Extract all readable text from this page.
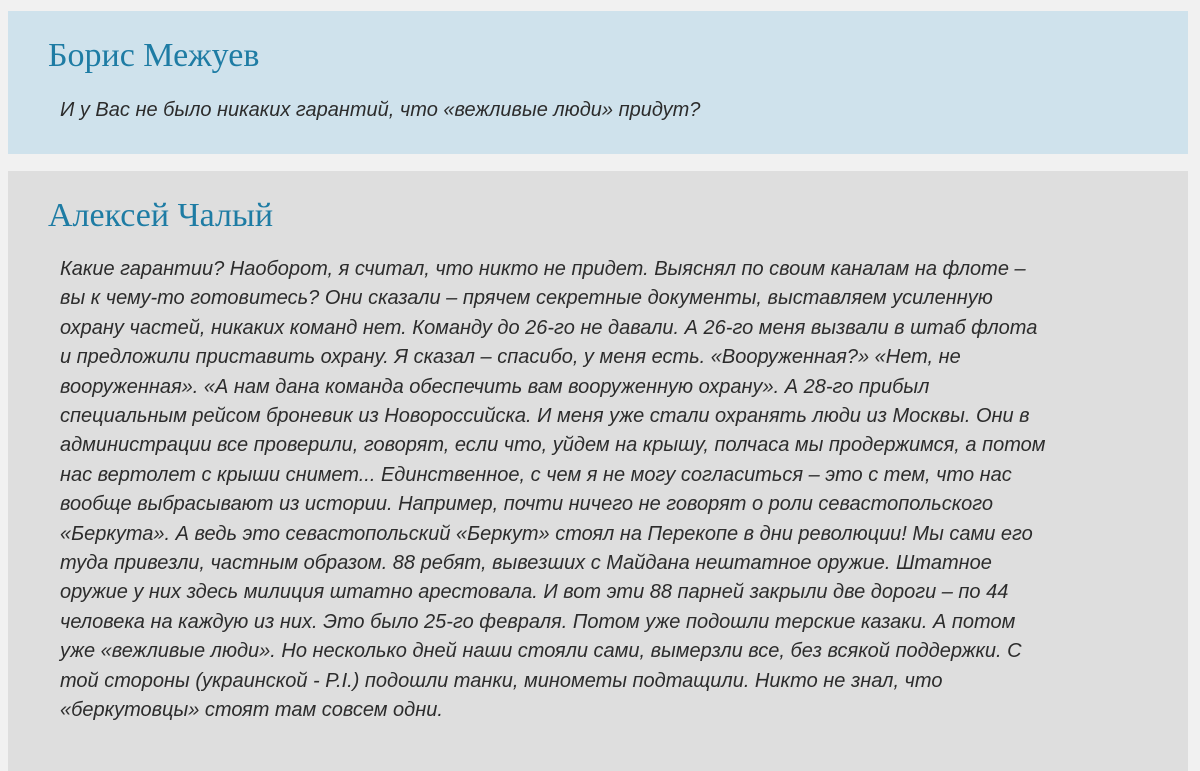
Борис Межуев

И у Вас не было никаких гарантий, что «вежливые люди» придут?

Алексей Чалый

Какие гарантии? Наоборот, я считал, что никто не придет. Выяснял по своим каналам на флоте –
вы к чему-то готовитесь? Они сказали – прячем секретные документы, выставляем усиленную
охрану частей, никаких команд нет. Команду до 26-го не давали. А 26-го меня вызвали в штаб флота
и предложили приставить охрану. Я сказал – спасибо, у меня есть. «Вооруженная?» «Нет, не
вооруженная». «А нам дана команда обеспечить вам вооруженную охрану». А 28-го прибыл
специальным рейсом броневик из Новороссийска. И меня уже стали охранять люди из Москвы. Они в
администрации все проверили, говорят, если что, уйдем на крышу, полчаса мы продержимся, а потом
нас вертолет с крыши снимет... Единственное, с чем я не могу согласиться – это с тем, что нас
вообще выбрасывают из истории. Например, почти ничего не говорят о роли севастопольского
«Беркута». А ведь это севастопольский «Беркут» стоял на Перекопе в дни революции! Мы сами его
туда привезли, частным образом. 88 ребят, вывезших с Майдана нештатное оружие. Штатное
оружие у них здесь милиция штатно арестовала. И вот эти 88 парней закрыли две дороги – по 44
человека на каждую из них. Это было 25-го февраля. Потом уже подошли терские казаки. А потом
уже «вежливые люди». Но несколько дней наши стояли сами, вымерзли все, без всякой поддержки. С
той стороны (украинской - P.I.) подошли танки, минометы подтащили. Никто не знал, что
«беркутовцы» стоят там совсем одни.
